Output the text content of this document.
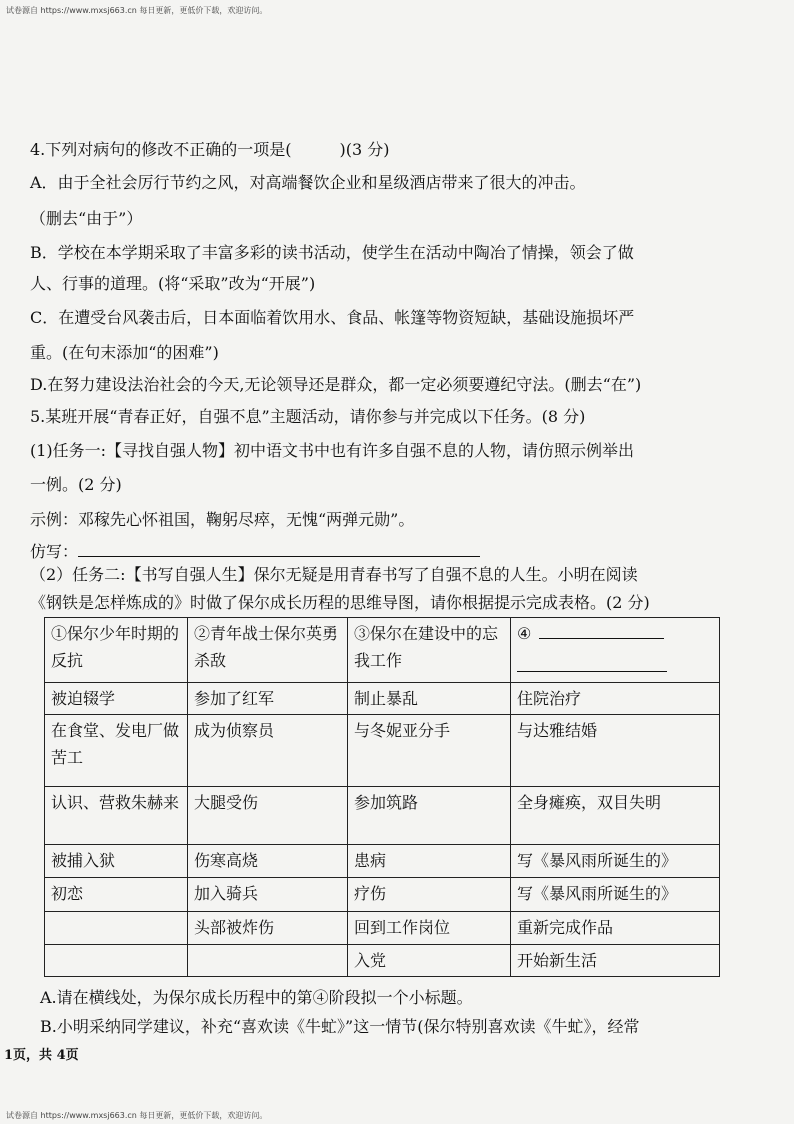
试卷源自 https://www.mxsj663.cn 每日更新，更低价下载，欢迎访问。
4.下列对病句的修改不正确的一项是(　　　)(3 分)
A．由于全社会厉行节约之风，对高端餐饮企业和星级酒店带来了很大的冲击。
（删去“由于”）
B．学校在本学期采取了丰富多彩的读书活动，使学生在活动中陶冶了情操，领会了做
人、行事的道理。(将“采取”改为“开展”)
C．在遭受台风袭击后，日本面临着饮用水、食品、帐篷等物资短缺，基础设施损坏严
重。(在句末添加“的困难”)
D.在努力建设法治社会的今天,无论领导还是群众，都一定必须要遵纪守法。(删去“在”)
5.某班开展“青春正好，自强不息”主题活动，请你参与并完成以下任务。(8 分)
(1)任务一:【寻找自强人物】初中语文书中也有许多自强不息的人物，请仿照示例举出
一例。(2 分)
示例：邓稼先心怀祖国，鞠躬尽瘁，无愧“两弹元勋”。
仿写：
（2）任务二:【书写自强人生】保尔无疑是用青春书写了自强不息的人生。小明在阅读
《钢铁是怎样炼成的》时做了保尔成长历程的思维导图，请你根据提示完成表格。(2 分)
①保尔少年时期的反抗	②青年战士保尔英勇杀敌	③保尔在建设中的忘我工作	④

被迫辍学	参加了红军	制止暴乱	住院治疗
在食堂、发电厂做苦工	成为侦察员	与冬妮亚分手	与达雅结婚
认识、营救朱赫来	大腿受伤	参加筑路	全身瘫痪，双目失明
被捕入狱	伤寒高烧	患病	写《暴风雨所诞生的》
初恋	加入骑兵	疗伤	写《暴风雨所诞生的》
	头部被炸伤	回到工作岗位	重新完成作品
		入党	开始新生活
A.请在横线处，为保尔成长历程中的第④阶段拟一个小标题。
B.小明采纳同学建议，补充“喜欢读《牛虻》”这一情节(保尔特别喜欢读《牛虻》，经常
1页，共 4页
试卷源自 https://www.mxsj663.cn 每日更新，更低价下载，欢迎访问。
